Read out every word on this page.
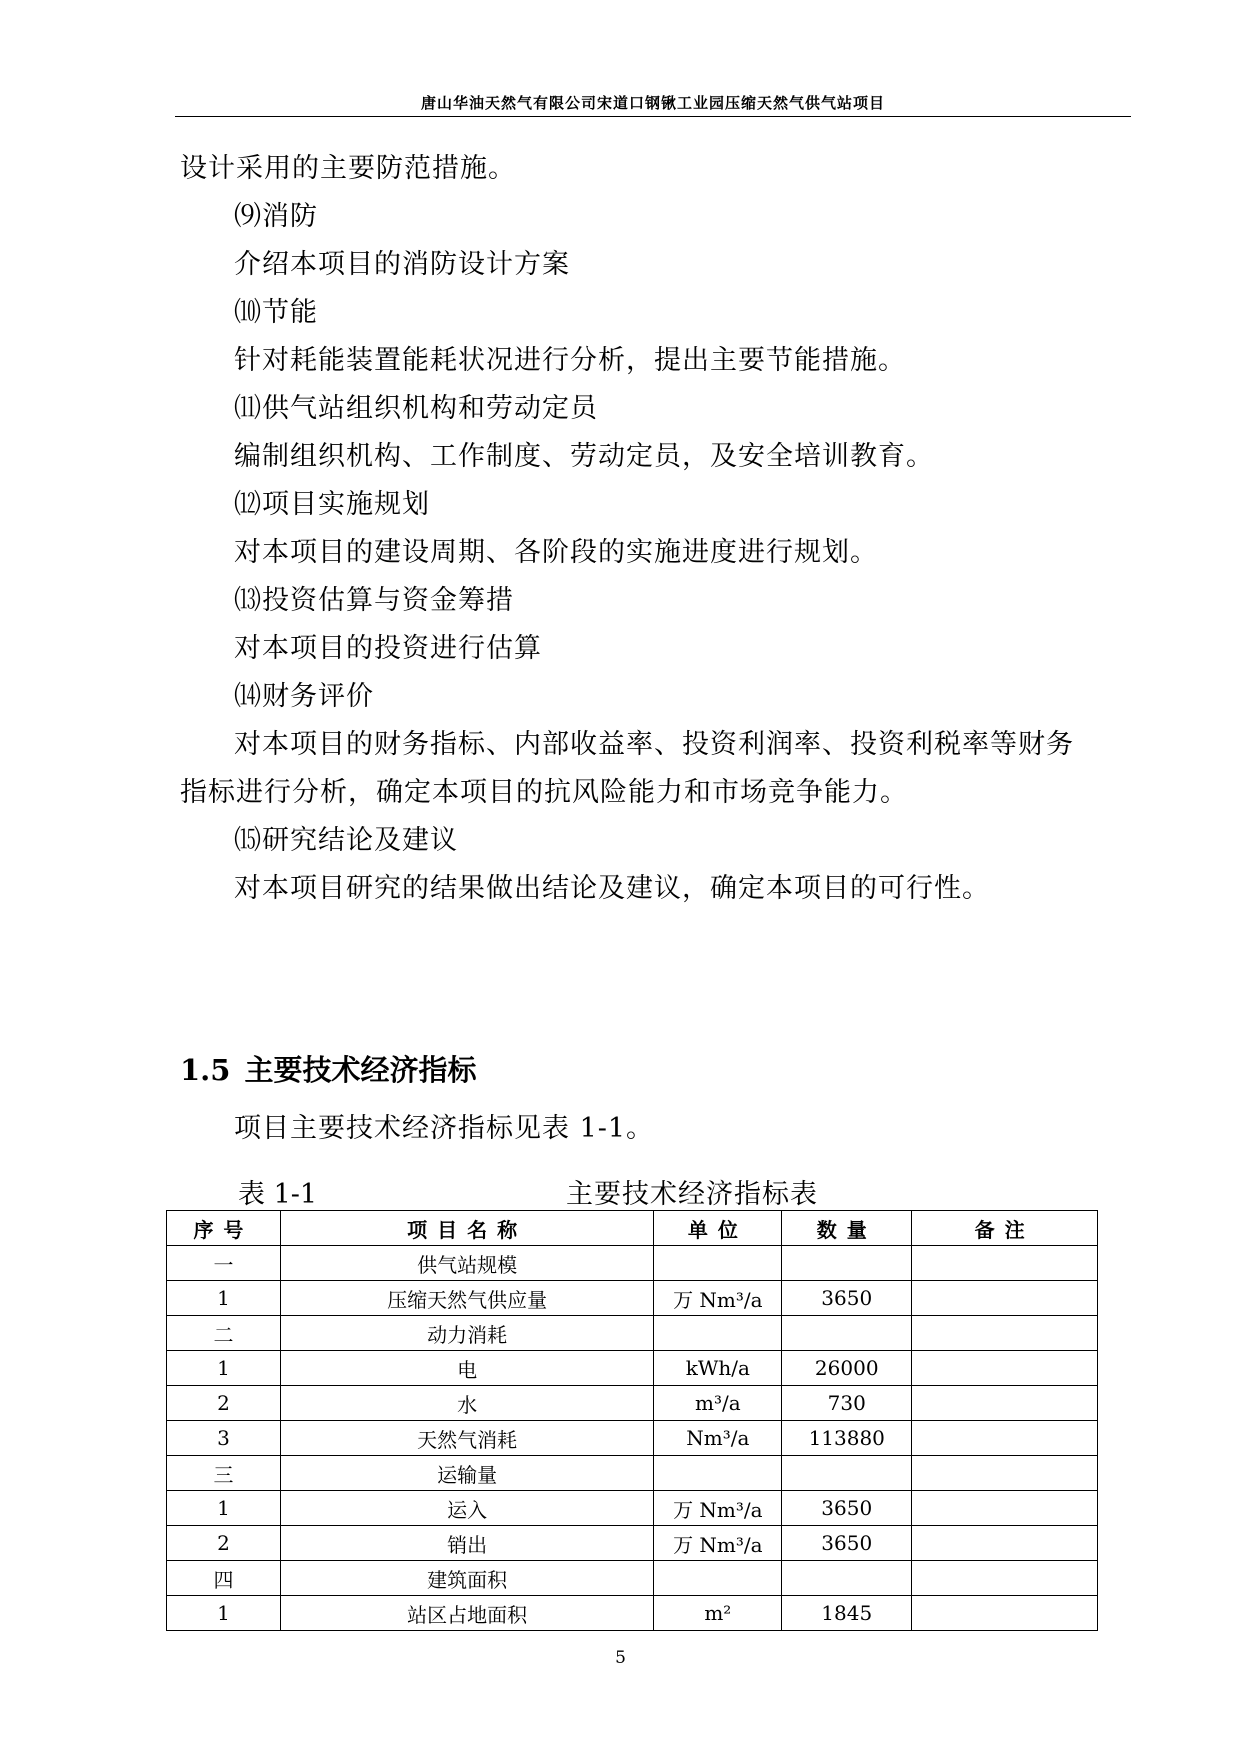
唐山华油天然气有限公司宋道口钢锹工业园压缩天然气供气站项目
设计采用的主要防范措施。
⑼消防
介绍本项目的消防设计方案
⑽节能
针对耗能装置能耗状况进行分析，提出主要节能措施。
⑾供气站组织机构和劳动定员
编制组织机构、工作制度、劳动定员，及安全培训教育。
⑿项目实施规划
对本项目的建设周期、各阶段的实施进度进行规划。
⒀投资估算与资金筹措
对本项目的投资进行估算
⒁财务评价
对本项目的财务指标、内部收益率、投资利润率、投资利税率等财务
指标进行分析，确定本项目的抗风险能力和市场竞争能力。
⒂研究结论及建议
对本项目研究的结果做出结论及建议，确定本项目的可行性。
1.5 主要技术经济指标
项目主要技术经济指标见表 1-1。
表 1-1	主要技术经济指标表
序号	项目名称	单位	数量	备注
一	供气站规模			
1	压缩天然气供应量	万 Nm³/a	3650	
二	动力消耗			
1	电	kWh/a	26000	
2	水	m³/a	730	
3	天然气消耗	Nm³/a	113880	
三	运输量			
1	运入	万 Nm³/a	3650	
2	销出	万 Nm³/a	3650	
四	建筑面积			
1	站区占地面积	m²	1845	
5
